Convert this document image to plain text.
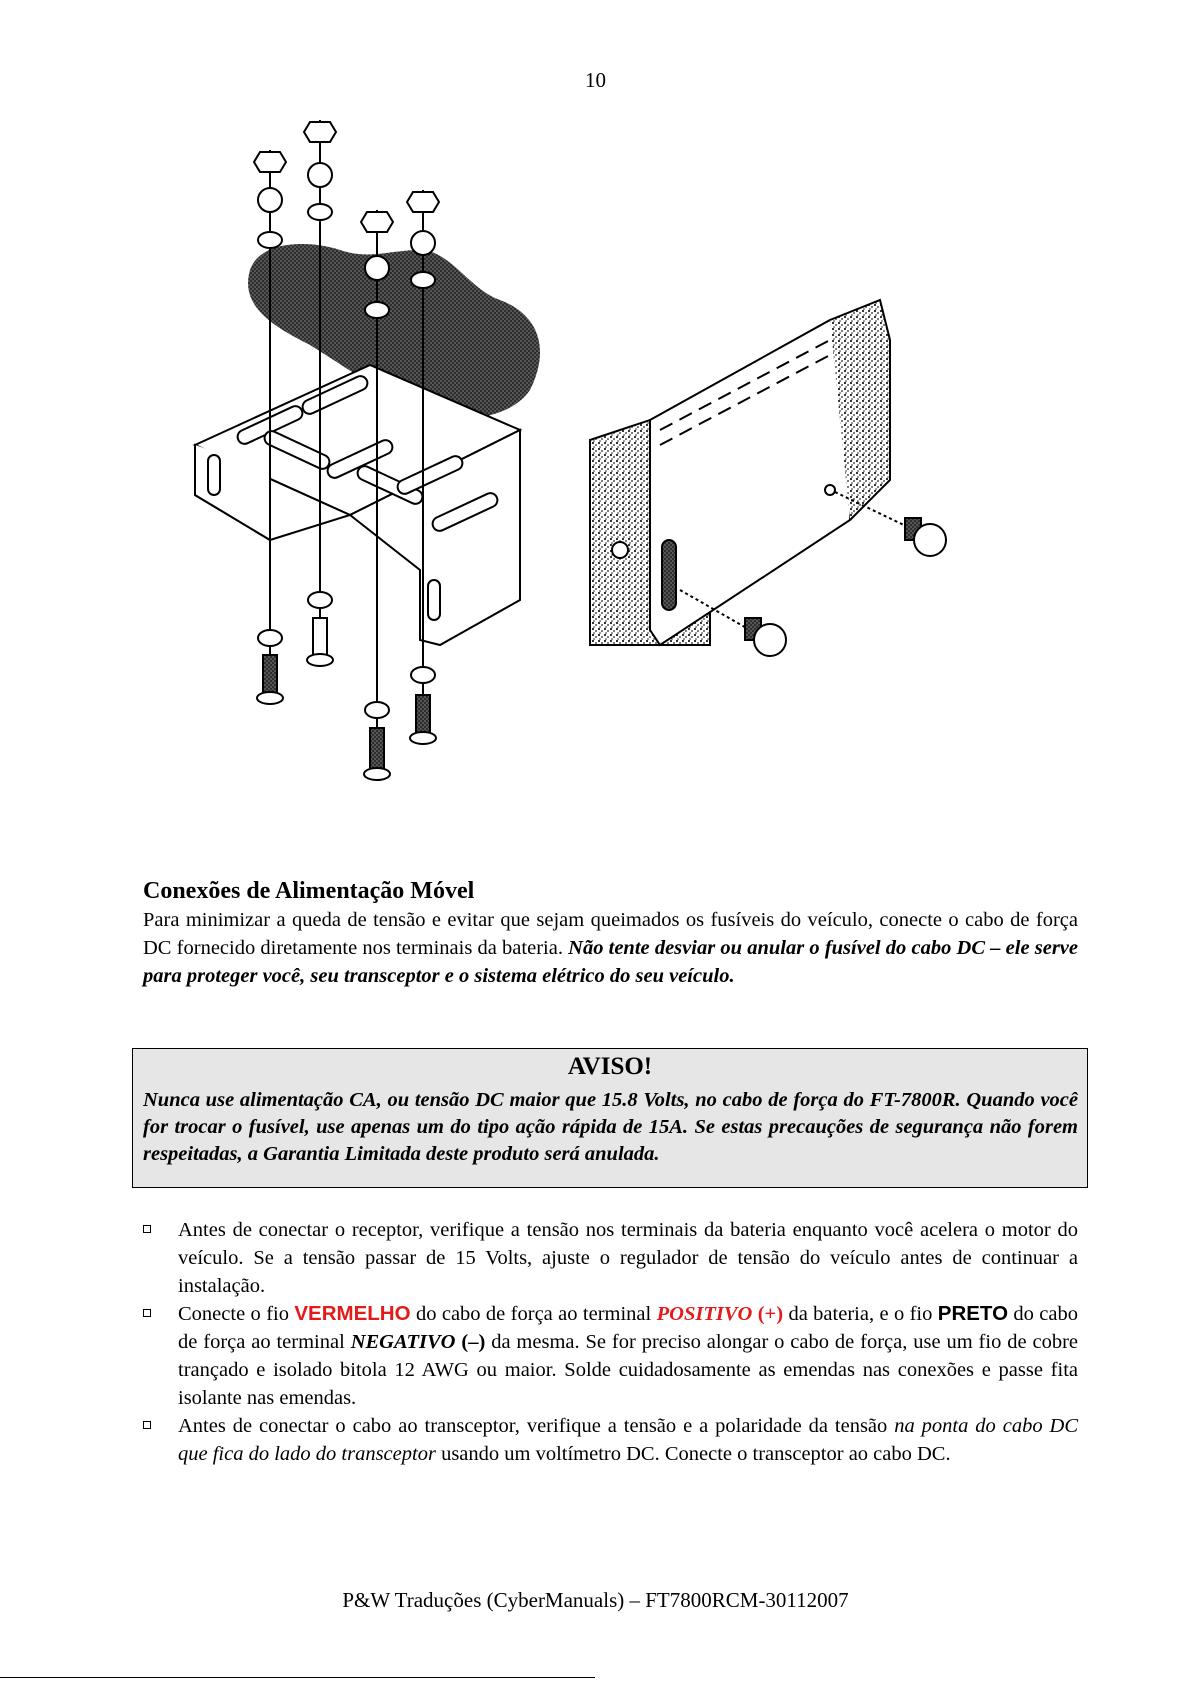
10
Conexões de Alimentação Móvel
Para minimizar a queda de tensão e evitar que sejam queimados os fusíveis do veículo, conecte o cabo de força DC fornecido diretamente nos terminais da bateria. Não tente desviar ou anular o fusível do cabo DC – ele serve para proteger você, seu transceptor e o sistema elétrico do seu veículo.
AVISO!
Nunca use alimentação CA, ou tensão DC maior que 15.8 Volts, no cabo de força do FT-7800R. Quando você for trocar o fusível, use apenas um do tipo ação rápida de 15A. Se estas precauções de segurança não forem respeitadas, a Garantia Limitada deste produto será anulada.
Antes de conectar o receptor, verifique a tensão nos terminais da bateria enquanto você acelera o motor do veículo. Se a tensão passar de 15 Volts, ajuste o regulador de tensão do veículo antes de continuar a instalação.
Conecte o fio VERMELHO do cabo de força ao terminal POSITIVO (+) da bateria, e o fio PRETO do cabo de força ao terminal NEGATIVO (–) da mesma. Se for preciso alongar o cabo de força, use um fio de cobre trançado e isolado bitola 12 AWG ou maior. Solde cuidadosamente as emendas nas conexões e passe fita isolante nas emendas.
Antes de conectar o cabo ao transceptor, verifique a tensão e a polaridade da tensão na ponta do cabo DC que fica do lado do transceptor usando um voltímetro DC. Conecte o transceptor ao cabo DC.
P&W Traduções (CyberManuals) – FT7800RCM-30112007
